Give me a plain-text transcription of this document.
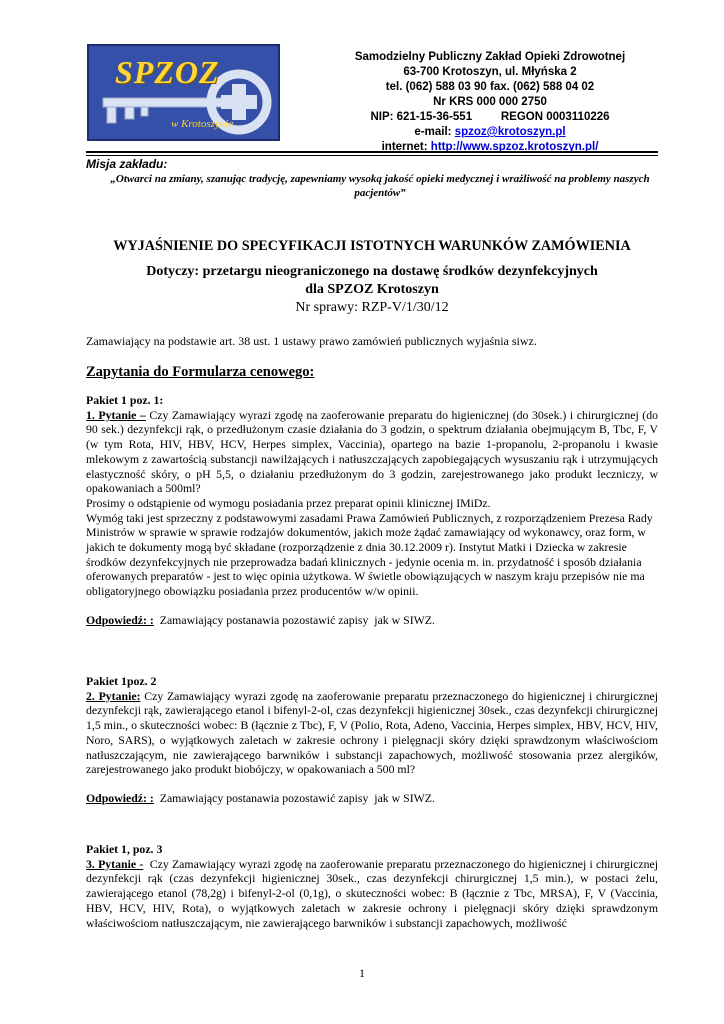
SPZOZ
w Krotoszynie
Samodzielny Publiczny Zakład Opieki Zdrowotnej
63-700 Krotoszyn, ul. Młyńska 2
tel. (062) 588 03 90 fax. (062) 588 04 02
Nr KRS 000 000 2750
NIP: 621-15-36-551         REGON 0003110226
e-mail: spzoz@krotoszyn.pl
internet: http://www.spzoz.krotoszyn.pl/
Misja zakładu:
„Otwarci na zmiany, szanując tradycję, zapewniamy wysoką jakość opieki medycznej i wrażliwość na problemy naszych pacjentów”
WYJAŚNIENIE DO SPECYFIKACJI ISTOTNYCH WARUNKÓW ZAMÓWIENIA
Dotyczy: przetargu nieograniczonego na dostawę środków dezynfekcyjnych
dla SPZOZ Krotoszyn
Nr sprawy: RZP-V/1/30/12
Zamawiający na podstawie art. 38 ust. 1 ustawy prawo zamówień publicznych wyjaśnia siwz.
Zapytania do Formularza cenowego:

Pakiet 1 poz. 1:

1. Pytanie – Czy Zamawiający wyrazi zgodę na zaoferowanie preparatu do higienicznej (do 30sek.) i chirurgicznej (do 90 sek.) dezynfekcji rąk, o przedłużonym czasie działania do 3 godzin, o spektrum działania obejmującym B, Tbc, F, V (w tym Rota, HIV, HBV, HCV, Herpes simplex, Vaccinia), opartego na bazie 1-propanolu, 2-propanolu i kwasie mlekowym z zawartością substancji nawilżających i natłuszczających zapobiegających wysuszaniu rąk i utrzymujących elastyczność skóry, o pH 5,5, o działaniu przedłużonym do 3 godzin, zarejestrowanego jako produkt leczniczy, w opakowaniach a 500ml?

Prosimy o odstąpienie od wymogu posiadania przez preparat opinii klinicznej IMiDz.

Wymóg taki jest sprzeczny z podstawowymi zasadami Prawa Zamówień Publicznych, z rozporządzeniem Prezesa Rady Ministrów w sprawie w sprawie rodzajów dokumentów, jakich może żądać zamawiający od wykonawcy, oraz form, w jakich te dokumenty mogą być składane (rozporządzenie z dnia 30.12.2009 r). Instytut Matki i Dziecka w zakresie środków dezynfekcyjnych nie przeprowadza badań klinicznych - jedynie ocenia m. in. przydatność i sposób działania oferowanych preparatów - jest to więc opinia użytkowa. W świetle obowiązujących w naszym kraju przepisów nie ma obligatoryjnego obowiązku posiadania przez producentów w/w opinii.

Odpowiedź: :  Zamawiający postanawia pozostawić zapisy  jak w SIWZ.

Pakiet 1poz. 2

2. Pytanie: Czy Zamawiający wyrazi zgodę na zaoferowanie preparatu przeznaczonego do higienicznej i chirurgicznej dezynfekcji rąk, zawierającego etanol i bifenyl-2-ol, czas dezynfekcji higienicznej 30sek., czas dezynfekcji chirurgicznej 1,5 min., o skuteczności wobec: B (łącznie z Tbc), F, V (Polio, Rota, Adeno, Vaccinia, Herpes simplex, HBV, HCV, HIV, Noro, SARS), o wyjątkowych zaletach w zakresie ochrony i pielęgnacji skóry dzięki sprawdzonym właściwościom natłuszczającym, nie zawierającego barwników i substancji zapachowych, możliwość stosowania przez alergików, zarejestrowanego jako produkt biobójczy, w opakowaniach a 500 ml?

Odpowiedź: :  Zamawiający postanawia pozostawić zapisy  jak w SIWZ.

Pakiet 1, poz. 3

3. Pytanie -  Czy Zamawiający wyrazi zgodę na zaoferowanie preparatu przeznaczonego do higienicznej i chirurgicznej dezynfekcji rąk (czas dezynfekcji higienicznej 30sek., czas dezynfekcji chirurgicznej 1,5 min.), w postaci żelu, zawierającego etanol (78,2g) i bifenyl-2-ol (0,1g), o skuteczności wobec: B (łącznie z Tbc, MRSA), F, V (Vaccinia, HBV, HCV, HIV, Rota), o wyjątkowych zaletach w zakresie ochrony i pielęgnacji skóry dzięki sprawdzonym właściwościom natłuszczającym, nie zawierającego barwników i substancji zapachowych, możliwość

1
